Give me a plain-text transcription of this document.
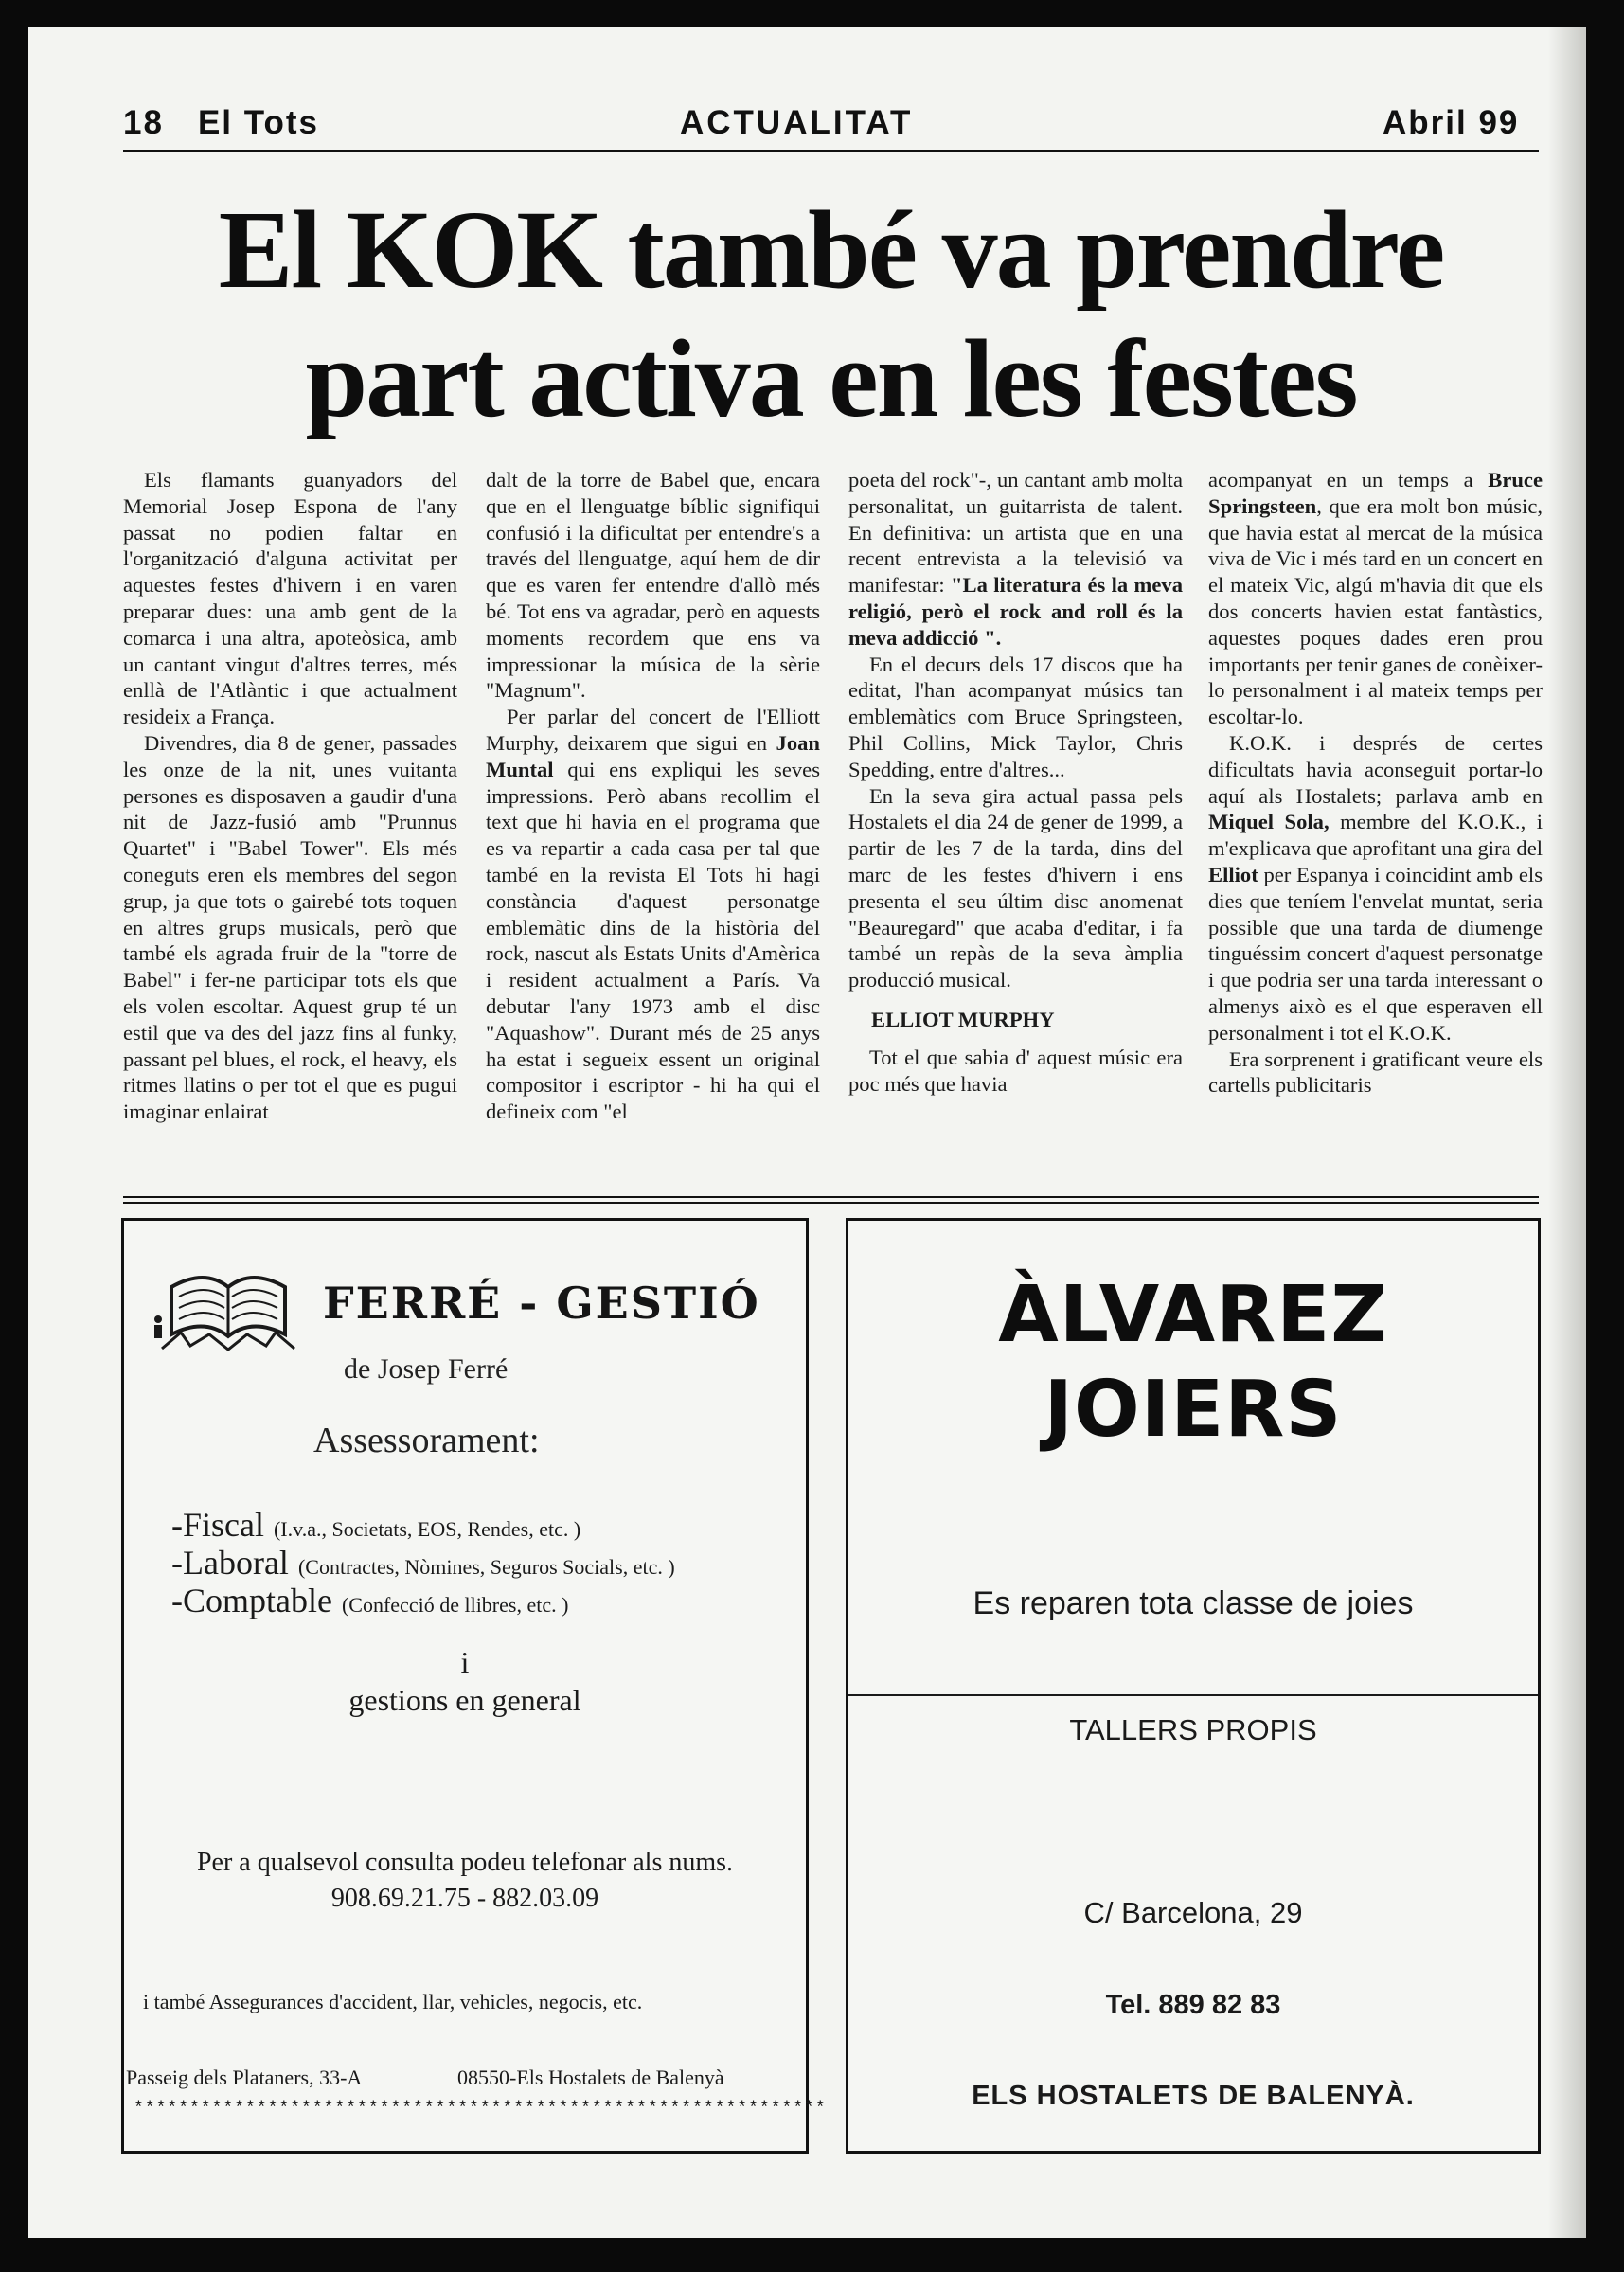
18 El Tots	ACTUALITAT	Abril 99
El KOK també va prendre
part activa en les festes

Els flamants guanyadors del Memorial Josep Espona de l'any passat no podien faltar en l'organització d'alguna activitat per aquestes festes d'hivern i en varen preparar dues: una amb gent de la comarca i una altra, apoteòsica, amb un cantant vingut d'altres terres, més enllà de l'Atlàntic i que actualment resideix a França.

Divendres, dia 8 de gener, passades les onze de la nit, unes vuitanta persones es disposaven a gaudir d'una nit de Jazz-fusió amb "Prunnus Quartet" i "Babel Tower". Els més coneguts eren els membres del segon grup, ja que tots o gairebé tots toquen en altres grups musicals, però que també els agrada fruir de la "torre de Babel" i fer-ne participar tots els que els volen escoltar. Aquest grup té un estil que va des del jazz fins al funky, passant pel blues, el rock, el heavy, els ritmes llatins o per tot el que es pugui imaginar enlairat

dalt de la torre de Babel que, encara que en el llenguatge bíblic signifiqui confusió i la dificultat per entendre's a través del llenguatge, aquí hem de dir que es varen fer entendre d'allò més bé. Tot ens va agradar, però en aquests moments recordem que ens va impressionar la música de la sèrie "Magnum".

Per parlar del concert de l'Elliott Murphy, deixarem que sigui en Joan Muntal qui ens expliqui les seves impressions. Però abans recollim el text que hi havia en el programa que es va repartir a cada casa per tal que també en la revista El Tots hi hagi constància d'aquest personatge emblemàtic dins de la història del rock, nascut als Estats Units d'Amèrica i resident actualment a París. Va debutar l'any 1973 amb el disc "Aquashow". Durant més de 25 anys ha estat i segueix essent un original compositor i escriptor - hi ha qui el defineix com "el

poeta del rock"-, un cantant amb molta personalitat, un guitarrista de talent. En definitiva: un artista que en una recent entrevista a la televisió va manifestar: "La literatura és la meva religió, però el rock and roll és la meva addicció ".

En el decurs dels 17 discos que ha editat, l'han acompanyat músics tan emblemàtics com Bruce Springsteen, Phil Collins, Mick Taylor, Chris Spedding, entre d'altres...

En la seva gira actual passa pels Hostalets el dia 24 de gener de 1999, a partir de les 7 de la tarda, dins del marc de les festes d'hivern i ens presenta el seu últim disc anomenat "Beauregard" que acaba d'editar, i fa també un repàs de la seva àmplia producció musical.

ELLIOT MURPHY

Tot el que sabia d' aquest músic era poc més que havia

acompanyat en un temps a Bruce Springsteen, que era molt bon músic, que havia estat al mercat de la música viva de Vic i més tard en un concert en el mateix Vic, algú m'havia dit que els dos concerts havien estat fantàstics, aquestes poques dades eren prou importants per tenir ganes de conèixer-lo personalment i al mateix temps per escoltar-lo.

K.O.K. i després de certes dificultats havia aconseguit portar-lo aquí als Hostalets; parlava amb en Miquel Sola, membre del K.O.K., i m'explicava que aprofitant una gira del Elliot per Espanya i coincidint amb els dies que teníem l'envelat muntat, seria possible que una tarda de diumenge tinguéssim concert d'aquest personatge i que podria ser una tarda interessant o almenys això es el que esperaven ell personalment i tot el K.O.K.

Era sorprenent i gratificant veure els cartells publicitaris

FERRÉ - GESTIÓ
de Josep Ferré
Assessorament:
-Fiscal (I.v.a., Societats, EOS, Rendes, etc. )
-Laboral (Contractes, Nòmines, Seguros Socials, etc. )
-Comptable (Confecció de llibres, etc. )
i
gestions en general
Per a qualsevol consulta podeu telefonar als nums.
908.69.21.75 - 882.03.09
i també Assegurances d'accident, llar, vehicles, negocis, etc.
Passeig dels Plataners, 33-A	08550-Els Hostalets de Balenyà
**************************************************************
ÀLVAREZ
JOIERS
Es reparen tota classe de joies
TALLERS PROPIS
C/ Barcelona, 29
Tel. 889 82 83
ELS HOSTALETS DE BALENYÀ.
